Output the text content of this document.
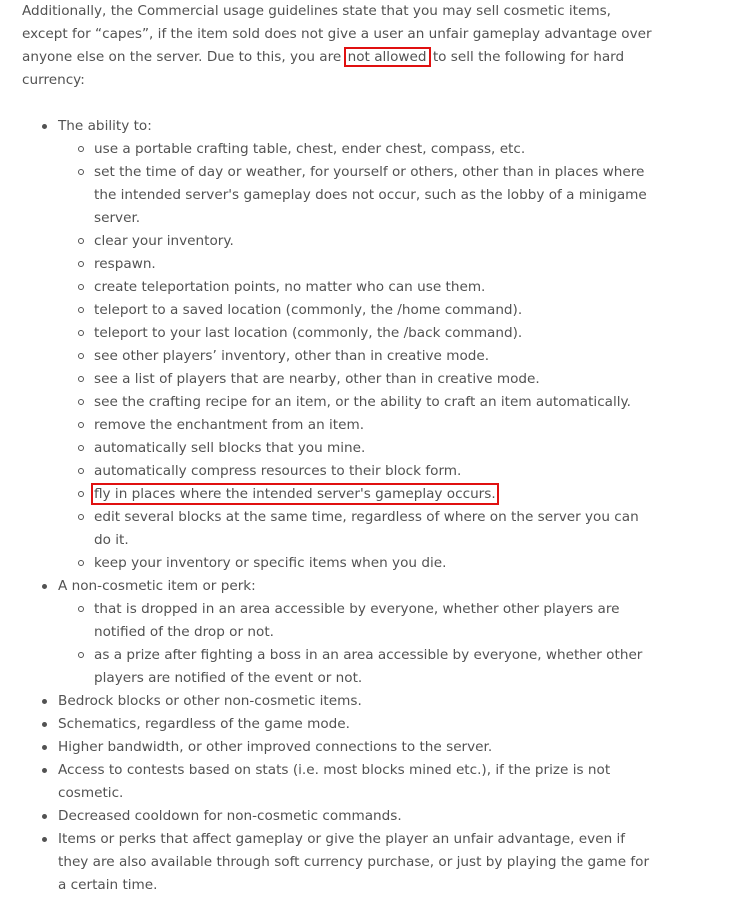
Additionally, the Commercial usage guidelines state that you may sell cosmetic items, except for “capes”, if the item sold does not give a user an unfair gameplay advantage over anyone else on the server. Due to this, you are not allowed to sell the following for hard currency:

The ability to:
use a portable crafting table, chest, ender chest, compass, etc.
set the time of day or weather, for yourself or others, other than in places where the intended server's gameplay does not occur, such as the lobby of a minigame server.
clear your inventory.
respawn.
create teleportation points, no matter who can use them.
teleport to a saved location (commonly, the /home command).
teleport to your last location (commonly, the /back command).
see other players’ inventory, other than in creative mode.
see a list of players that are nearby, other than in creative mode.
see the crafting recipe for an item, or the ability to craft an item automatically.
remove the enchantment from an item.
automatically sell blocks that you mine.
automatically compress resources to their block form.
fly in places where the intended server's gameplay occurs.
edit several blocks at the same time, regardless of where on the server you can do it.
keep your inventory or specific items when you die.
A non-cosmetic item or perk:
that is dropped in an area accessible by everyone, whether other players are notified of the drop or not.
as a prize after fighting a boss in an area accessible by everyone, whether other players are notified of the event or not.
Bedrock blocks or other non-cosmetic items.
Schematics, regardless of the game mode.
Higher bandwidth, or other improved connections to the server.
Access to contests based on stats (i.e. most blocks mined etc.), if the prize is not cosmetic.
Decreased cooldown for non-cosmetic commands.
Items or perks that affect gameplay or give the player an unfair advantage, even if they are also available through soft currency purchase, or just by playing the game for a certain time.
